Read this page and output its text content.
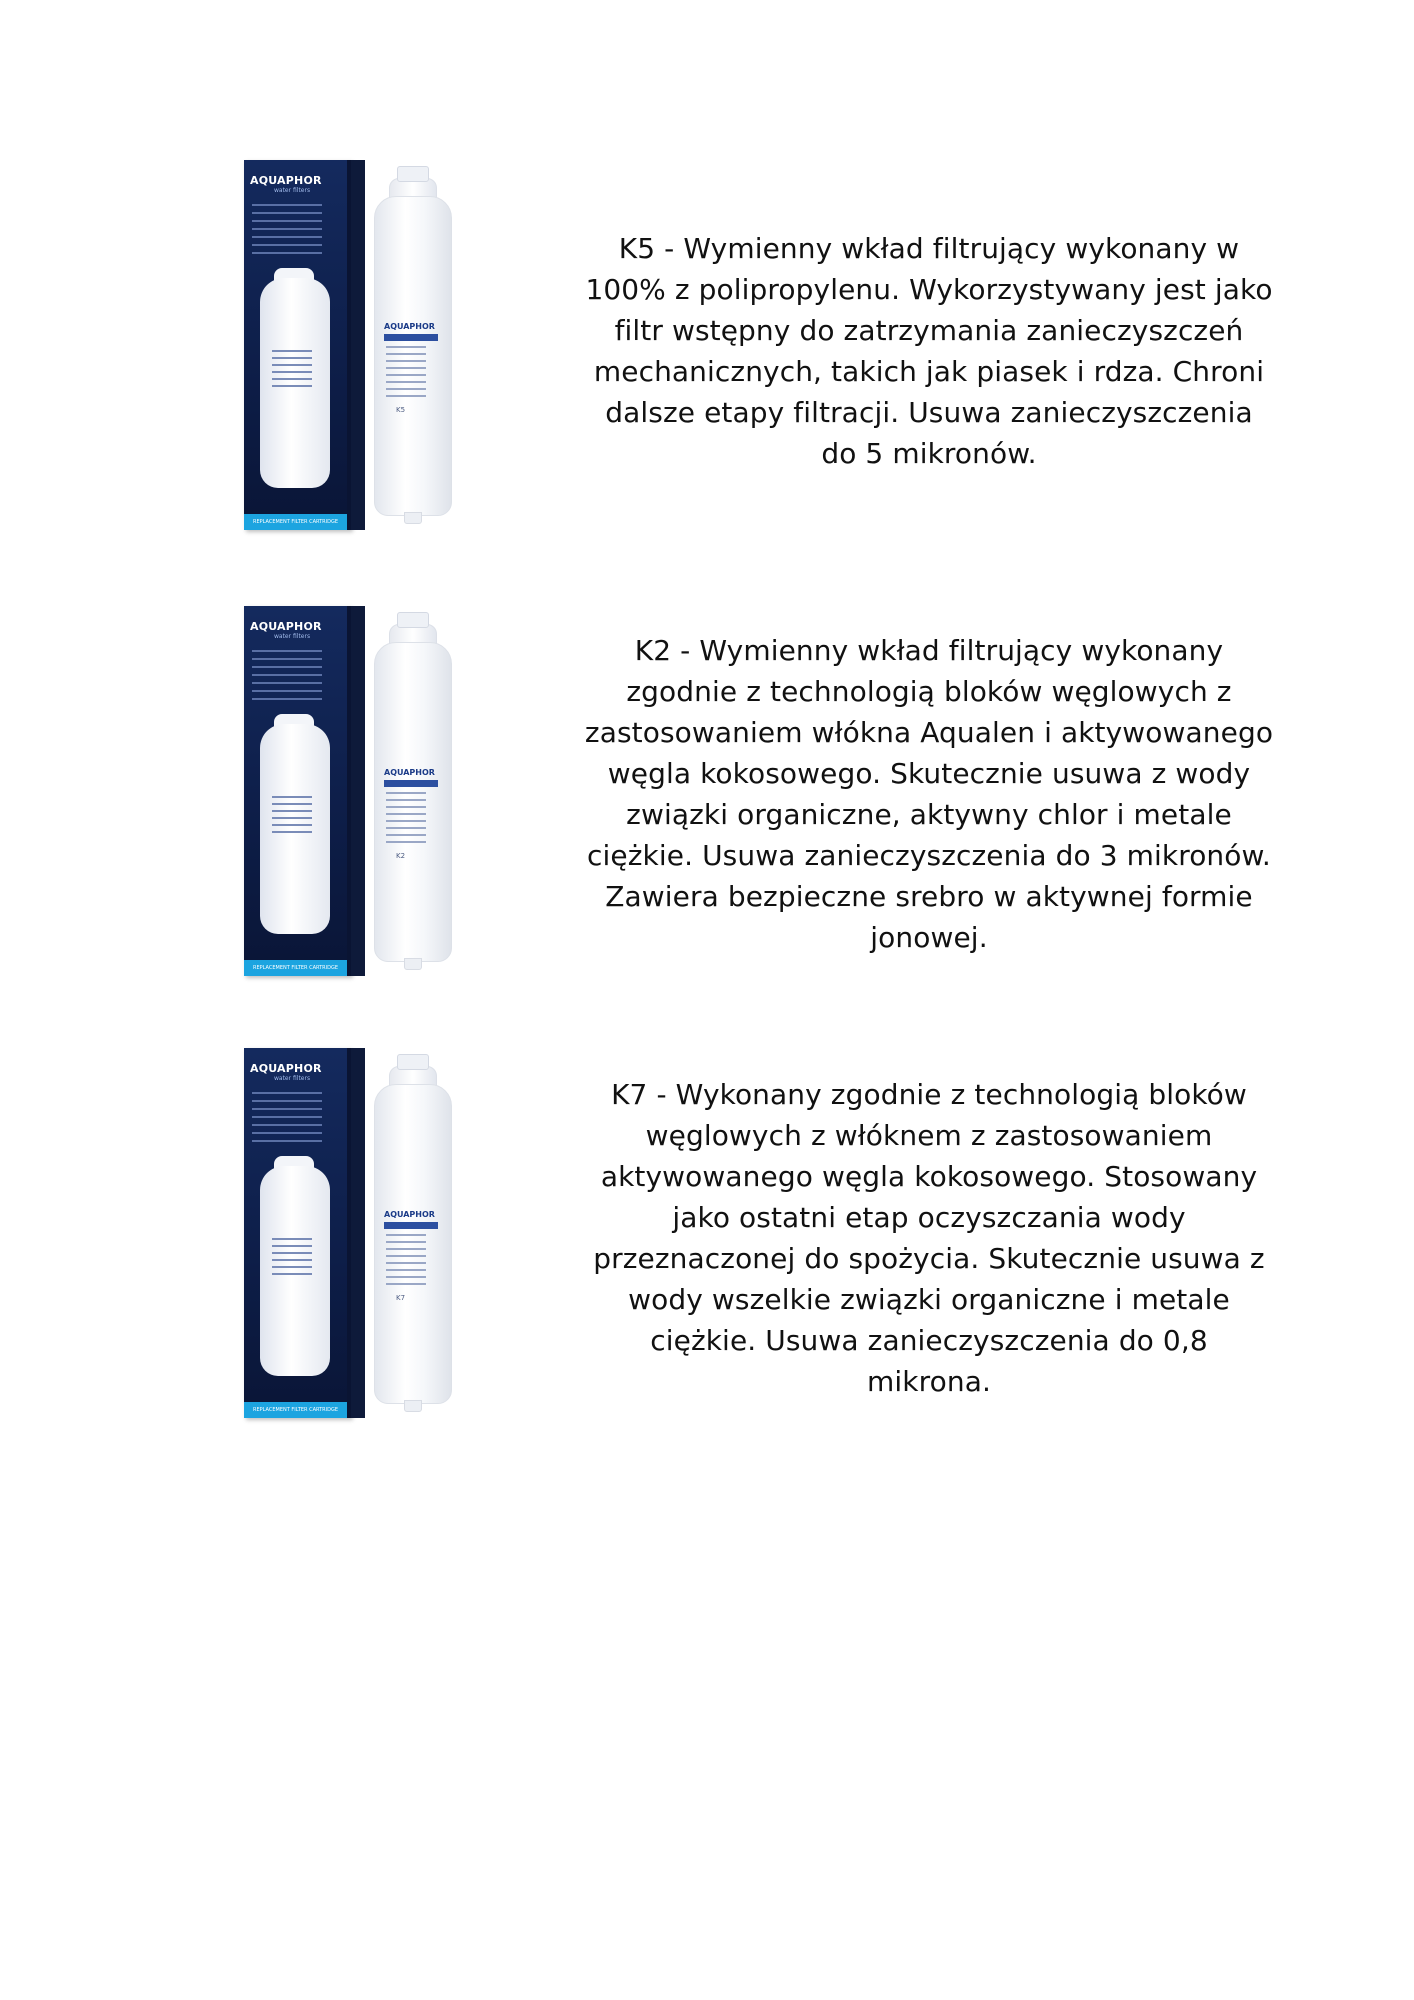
AQUAPHOR
water filters
REPLACEMENT FILTER CARTRIDGE
AQUAPHOR
K5

K5 - Wymienny wkład filtrujący wykonany w 100% z polipropylenu. Wykorzystywany jest jako filtr wstępny do zatrzymania zanieczyszczeń mechanicznych, takich jak piasek i rdza. Chroni dalsze etapy filtracji. Usuwa zanieczyszczenia do 5 mikronów.

AQUAPHOR
water filters
REPLACEMENT FILTER CARTRIDGE
AQUAPHOR
K2

K2 - Wymienny wkład filtrujący wykonany zgodnie z technologią bloków węglowych z zastosowaniem włókna Aqualen i aktywowanego węgla kokosowego. Skutecznie usuwa z wody związki organiczne, aktywny chlor i metale ciężkie. Usuwa zanieczyszczenia do 3 mikronów. Zawiera bezpieczne srebro w aktywnej formie jonowej.

AQUAPHOR
water filters
REPLACEMENT FILTER CARTRIDGE
AQUAPHOR
K7

K7 - Wykonany zgodnie z technologią bloków węglowych z włóknem z zastosowaniem aktywowanego węgla kokosowego. Stosowany jako ostatni etap oczyszczania wody przeznaczonej do spożycia. Skutecznie usuwa z wody wszelkie związki organiczne i metale ciężkie. Usuwa zanieczyszczenia do 0,8 mikrona.
